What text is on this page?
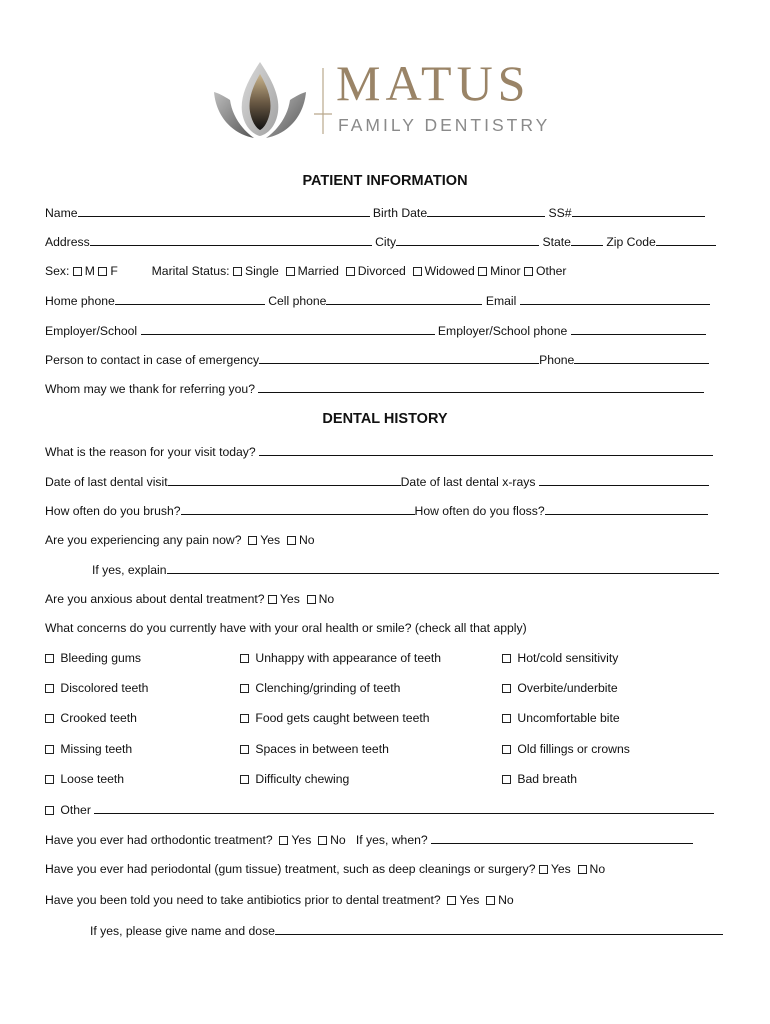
MATUS
FAMILY DENTISTRY
PATIENT INFORMATION
Name	Birth Date	SS#
Address	City	State	Zip Code
Sex: M F	Marital Status: Single Married Divorced Widowed Minor Other
Home phone	Cell phone	Email
Employer/School	Employer/School phone
Person to contact in case of emergency	Phone
Whom may we thank for referring you?
DENTAL HISTORY
What is the reason for your visit today?
Date of last dental visit	Date of last dental x-rays
How often do you brush?	How often do you floss?
Are you experiencing any pain now? Yes No
If yes, explain
Are you anxious about dental treatment? Yes No
What concerns do you currently have with your oral health or smile? (check all that apply)
Bleeding gums	Unhappy with appearance of teeth	Hot/cold sensitivity
Discolored teeth	Clenching/grinding of teeth	Overbite/underbite
Crooked teeth	Food gets caught between teeth	Uncomfortable bite
Missing teeth	Spaces in between teeth	Old fillings or crowns
Loose teeth	Difficulty chewing	Bad breath
Other
Have you ever had orthodontic treatment? Yes No If yes, when?
Have you ever had periodontal (gum tissue) treatment, such as deep cleanings or surgery? Yes No
Have you been told you need to take antibiotics prior to dental treatment? Yes No
If yes, please give name and dose
